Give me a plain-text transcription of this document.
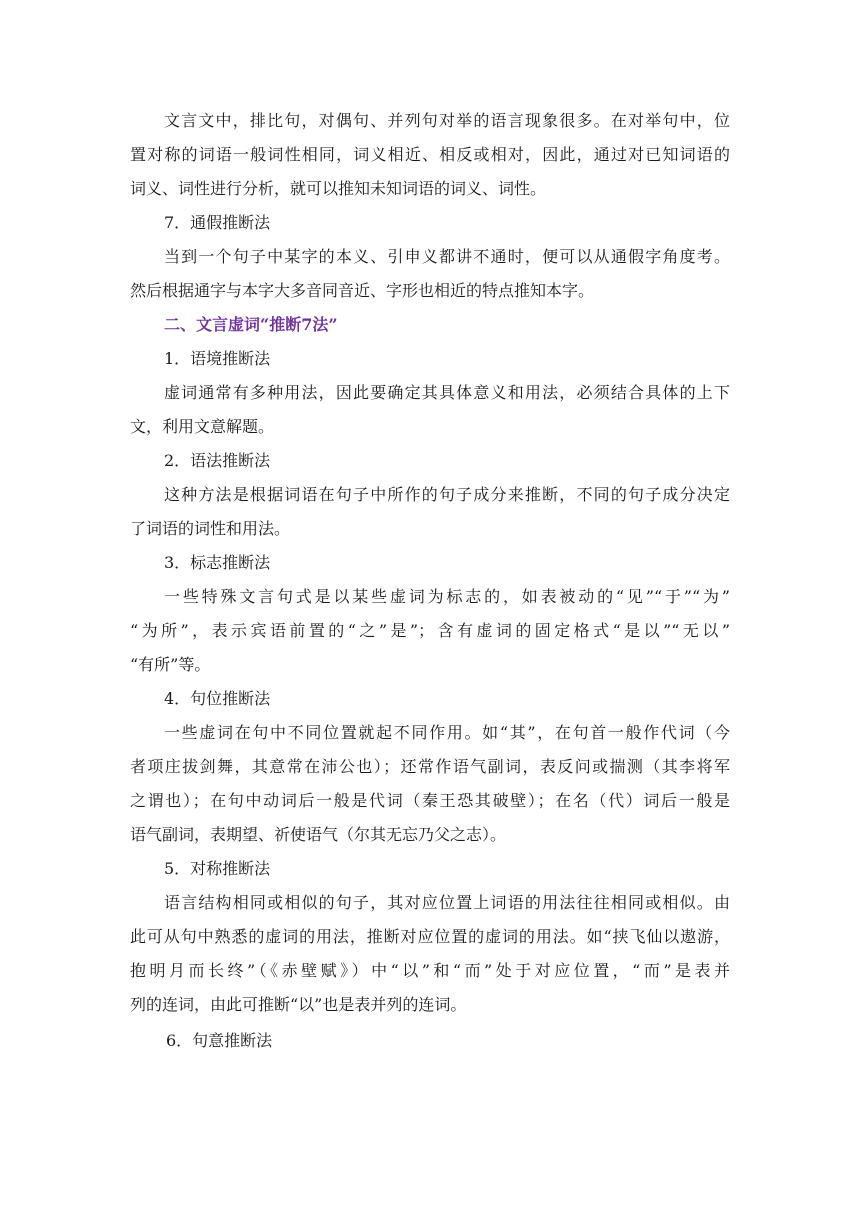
文言文中，排比句，对偶句、并列句对举的语言现象很多。在对举句中，位
置对称的词语一般词性相同，词义相近、相反或相对，因此，通过对已知词语的
词义、词性进行分析，就可以推知未知词语的词义、词性。
7．通假推断法
当到一个句子中某字的本义、引申义都讲不通时，便可以从通假字角度考。
然后根据通字与本字大多音同音近、字形也相近的特点推知本字。
二、文言虚词“推断7法”
1．语境推断法
虚词通常有多种用法，因此要确定其具体意义和用法，必须结合具体的上下
文，利用文意解题。
2．语法推断法
这种方法是根据词语在句子中所作的句子成分来推断，不同的句子成分决定
了词语的词性和用法。
3．标志推断法
一些特殊文言句式是以某些虚词为标志的，如表被动的“见”“于”“为”
“为所”，表示宾语前置的“之”是”；含有虚词的固定格式“是以”“无以”
“有所”等。
4．句位推断法
一些虚词在句中不同位置就起不同作用。如“其”，在句首一般作代词（今
者项庄拔剑舞，其意常在沛公也）；还常作语气副词，表反问或揣测（其李将军
之谓也）；在句中动词后一般是代词（秦王恐其破壁）；在名（代）词后一般是
语气副词，表期望、祈使语气（尔其无忘乃父之志）。
5．对称推断法
语言结构相同或相似的句子，其对应位置上词语的用法往往相同或相似。由
此可从句中熟悉的虚词的用法，推断对应位置的虚词的用法。如“挟飞仙以遨游，
抱明月而长终”（《赤壁赋》）中“以”和“而”处于对应位置，“而”是表并
列的连词，由此可推断“以”也是表并列的连词。
6．句意推断法
